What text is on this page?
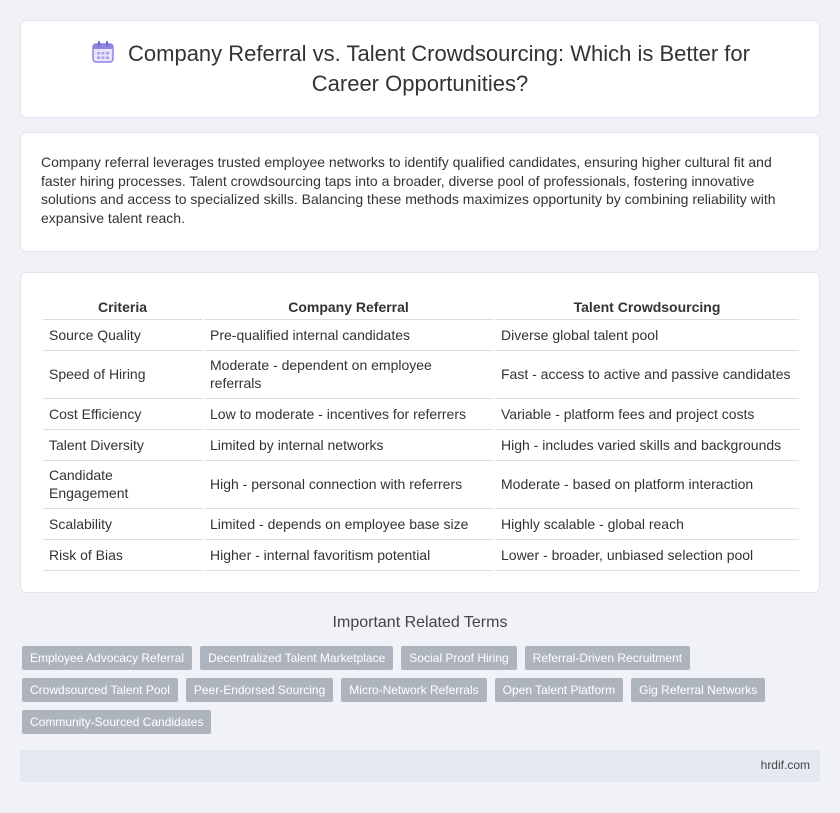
Company Referral vs. Talent Crowdsourcing: Which is Better for Career Opportunities?

Company referral leverages trusted employee networks to identify qualified candidates, ensuring higher cultural fit and faster hiring processes. Talent crowdsourcing taps into a broader, diverse pool of professionals, fostering innovative solutions and access to specialized skills. Balancing these methods maximizes opportunity by combining reliability with expansive talent reach.

Criteria	Company Referral	Talent Crowdsourcing
Source Quality	Pre-qualified internal candidates	Diverse global talent pool
Speed of Hiring	Moderate - dependent on employee referrals	Fast - access to active and passive candidates
Cost Efficiency	Low to moderate - incentives for referrers	Variable - platform fees and project costs
Talent Diversity	Limited by internal networks	High - includes varied skills and backgrounds
Candidate Engagement	High - personal connection with referrers	Moderate - based on platform interaction
Scalability	Limited - depends on employee base size	Highly scalable - global reach
Risk of Bias	Higher - internal favoritism potential	Lower - broader, unbiased selection pool
Important Related Terms
Employee Advocacy Referral	Decentralized Talent Marketplace	Social Proof Hiring	Referral-Driven Recruitment
Crowdsourced Talent Pool	Peer-Endorsed Sourcing	Micro-Network Referrals	Open Talent Platform	Gig Referral Networks
Community-Sourced Candidates
hrdif.com
